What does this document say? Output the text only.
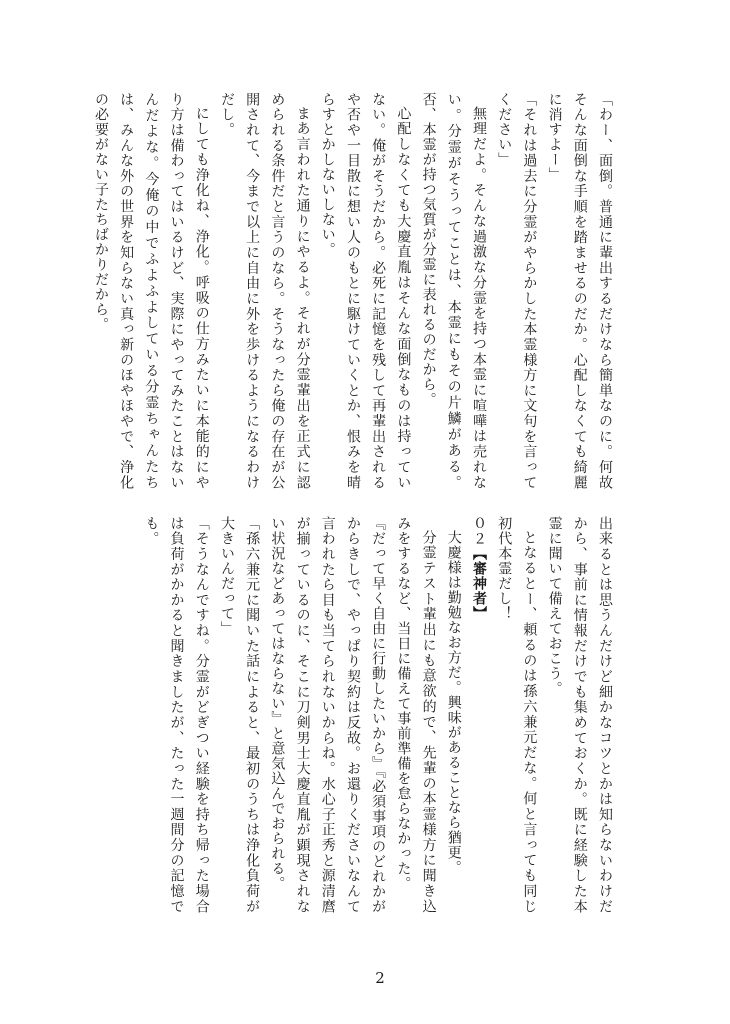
「わー、面倒。普通に輩出するだけなら簡単なのに。何故そんな面倒な手順を踏ませるのだか。心配しなくても綺麗に消すよー」

「それは過去に分霊がやらかした本霊様方に文句を言ってください」

無理だよ。そんな過激な分霊を持つ本霊に喧嘩は売れない。分霊がそうってことは、本霊にもその片鱗がある。否、本霊が持つ気質が分霊に表れるのだから。

心配しなくても大慶直胤はそんな面倒なものは持っていない。俺がそうだから。必死に記憶を残して再輩出されるや否や一目散に想い人のもとに駆けていくとか、恨みを晴らすとかしないしない。

まあ言われた通りにやるよ。それが分霊輩出を正式に認められる条件だと言うのなら。そうなったら俺の存在が公開されて、今まで以上に自由に外を歩けるようになるわけだし。

にしても浄化ね、浄化。呼吸の仕方みたいに本能的にやり方は備わってはいるけど、実際にやってみたことはないんだよな。今俺の中でふよふよしている分霊ちゃんたちは、みんな外の世界を知らない真っ新のほやほやで、浄化の必要がない子たちばかりだから。

出来るとは思うんだけど細かなコツとかは知らないわけだから、事前に情報だけでも集めておくか。既に経験した本霊に聞いて備えておこう。

となるとー、頼るのは孫六兼元だな。何と言っても同じ初代本霊だし！

０２【審神者】

大慶様は勤勉なお方だ。興味があることなら猶更。

分霊テスト輩出にも意欲的で、先輩の本霊様方に聞き込みをするなど、当日に備えて事前準備を怠らなかった。

『だって早く自由に行動したいから』『必須事項のどれかがからきしで、やっぱり契約は反故。お還りくださいなんて言われたら目も当てられないからね。水心子正秀と源清麿が揃っているのに、そこに刀剣男士大慶直胤が顕現されない状況などあってはならない』と意気込んでおられる。

「孫六兼元に聞いた話によると、最初のうちは浄化負荷が大きいんだって」

「そうなんですね。分霊がどぎつい経験を持ち帰った場合は負荷がかかると聞きましたが、たった一週間分の記憶でも。

2
